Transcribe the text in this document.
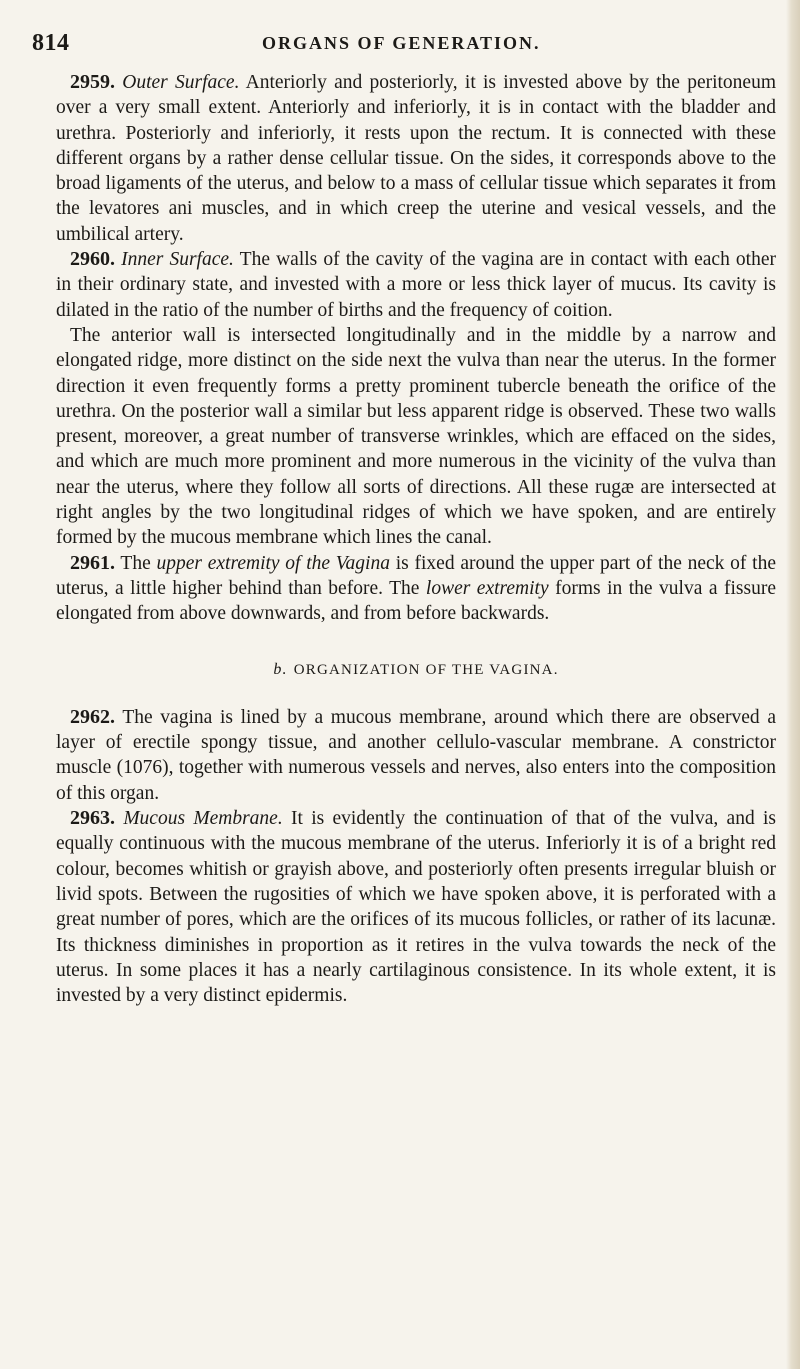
814	ORGANS OF GENERATION.

2959. Outer Surface. Anteriorly and posteriorly, it is invested above by the peritoneum over a very small extent. Anteriorly and inferiorly, it is in contact with the bladder and urethra. Posteriorly and inferiorly, it rests upon the rectum. It is connected with these different organs by a rather dense cellular tissue. On the sides, it corresponds above to the broad ligaments of the uterus, and below to a mass of cellular tissue which separates it from the levatores ani muscles, and in which creep the uterine and vesical vessels, and the umbilical artery.

2960. Inner Surface. The walls of the cavity of the vagina are in contact with each other in their ordinary state, and invested with a more or less thick layer of mucus. Its cavity is dilated in the ratio of the number of births and the frequency of coition.

The anterior wall is intersected longitudinally and in the middle by a narrow and elongated ridge, more distinct on the side next the vulva than near the uterus. In the former direction it even frequently forms a pretty prominent tubercle beneath the orifice of the urethra. On the posterior wall a similar but less apparent ridge is observed. These two walls present, moreover, a great number of transverse wrinkles, which are effaced on the sides, and which are much more prominent and more numerous in the vicinity of the vulva than near the uterus, where they follow all sorts of directions. All these rugæ are intersected at right angles by the two longitudinal ridges of which we have spoken, and are entirely formed by the mucous membrane which lines the canal.

2961. The upper extremity of the Vagina is fixed around the upper part of the neck of the uterus, a little higher behind than before. The lower extremity forms in the vulva a fissure elongated from above downwards, and from before backwards.

b. ORGANIZATION OF THE VAGINA.

2962. The vagina is lined by a mucous membrane, around which there are observed a layer of erectile spongy tissue, and another cellulo-vascular membrane. A constrictor muscle (1076), together with numerous vessels and nerves, also enters into the composition of this organ.

2963. Mucous Membrane. It is evidently the continuation of that of the vulva, and is equally continuous with the mucous membrane of the uterus. Inferiorly it is of a bright red colour, becomes whitish or grayish above, and posteriorly often presents irregular bluish or livid spots. Between the rugosities of which we have spoken above, it is perforated with a great number of pores, which are the orifices of its mucous follicles, or rather of its lacunæ. Its thickness diminishes in proportion as it retires in the vulva towards the neck of the uterus. In some places it has a nearly cartilaginous consistence. In its whole extent, it is invested by a very distinct epidermis.
